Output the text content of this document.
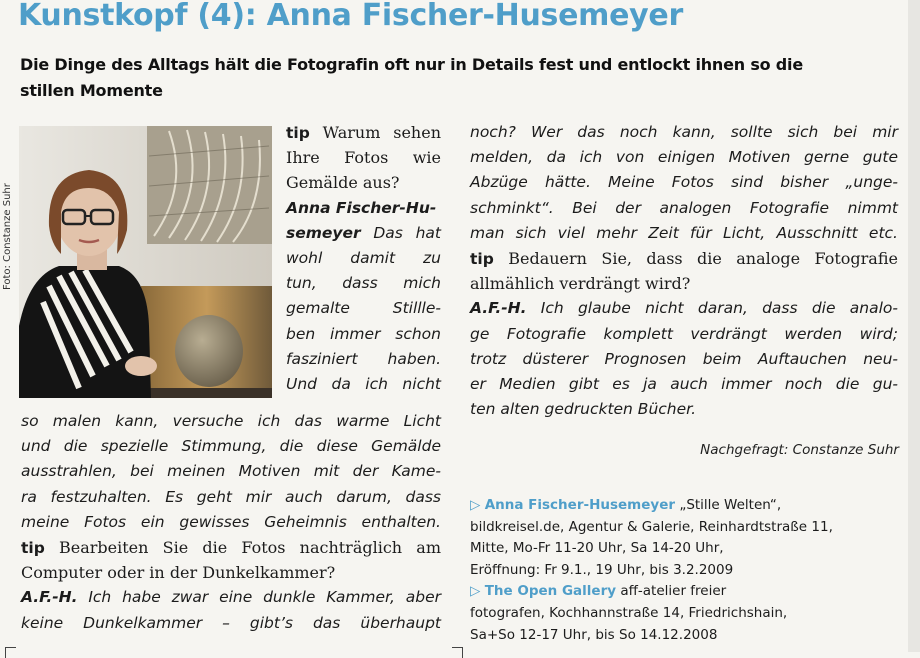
Kunstkopf (4): Anna Fischer-Husemeyer

Die Dinge des Alltags hält die Fotografin oft nur in Details fest und entlockt ihnen so die stillen Momente

Foto: Constanze Suhr
tip Warum sehen
Ihre Fotos wie
Gemälde aus?
Anna Fischer-Hu-
semeyer Das hat
wohl damit zu
tun, dass mich
gemalte Stillle-
ben immer schon
fasziniert haben.
Und da ich nicht
so malen kann, versuche ich das warme Licht
und die spezielle Stimmung, die diese Gemälde
ausstrahlen, bei meinen Motiven mit der Kame-
ra festzuhalten. Es geht mir auch darum, dass
meine Fotos ein gewisses Geheimnis enthalten.
tip Bearbeiten Sie die Fotos nachträglich am
Computer oder in der Dunkelkammer?
A.F.-H. Ich habe zwar eine dunkle Kammer, aber
keine Dunkelkammer – gibt’s das überhaupt
noch? Wer das noch kann, sollte sich bei mir
melden, da ich von einigen Motiven gerne gute
Abzüge hätte. Meine Fotos sind bisher „unge-
schminkt“. Bei der analogen Fotografie nimmt
man sich viel mehr Zeit für Licht, Ausschnitt etc.
tip Bedauern Sie, dass die analoge Fotografie
allmählich verdrängt wird?
A.F.-H. Ich glaube nicht daran, dass die analo-
ge Fotografie komplett verdrängt werden wird;
trotz düsterer Prognosen beim Auftauchen neu-
er Medien gibt es ja auch immer noch die gu-
ten alten gedruckten Bücher.
Nachgefragt: Constanze Suhr
▷ Anna Fischer-Husemeyer „Stille Welten“,
bildkreisel.de, Agentur & Galerie, Reinhardtstraße 11,
Mitte, Mo-Fr 11-20 Uhr, Sa 14-20 Uhr,
Eröffnung: Fr 9.1., 19 Uhr, bis 3.2.2009
▷ The Open Gallery aff-atelier freier
fotografen, Kochhannstraße 14, Friedrichshain,
Sa+So 12-17 Uhr, bis So 14.12.2008
